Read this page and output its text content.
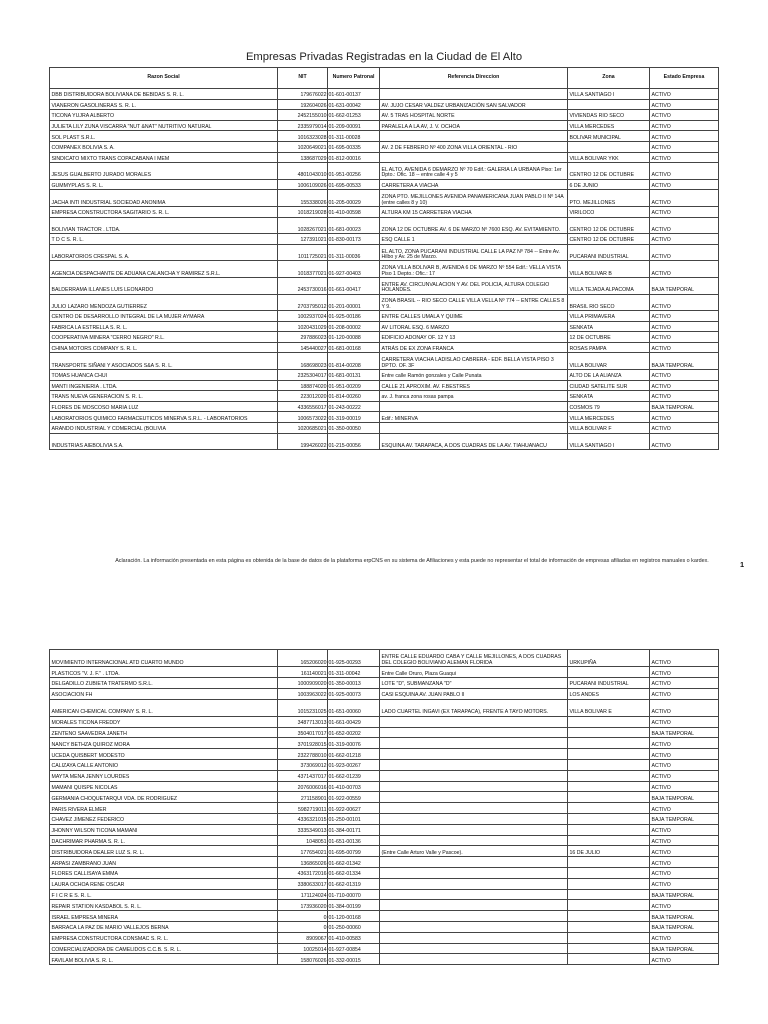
Empresas Privadas Registradas en la Ciudad de El Alto
Razon Social	NIT	Numero Patronal	Referencia Direccion	Zona	Estado Empresa
DBB DISTRIBUIDORA BOLIVIANA DE BEBIDAS S. R. L.	179676022	01-601-00137		VILLA SANTIAGO I	ACTIVO
VIANERON GASOLINERAS S. R. L.	192604026	01-631-00042	AV. JUJO CESAR VALDEZ URBANIZACIÓN SAN SALVADOR		ACTIVO
TICONA YUJRA ALBERTO	2452155010	01-662-01253	AV. 5 TRAS HOSPITAL NORTE	VIVIENDAS RIO SECO	ACTIVO
JULIETA LILY ZUNA VISCARRA "NUT &NAT" NUTRITIVO NATURAL	2335979014	01-209-00091	PARALELA A LA AV, J. V. OCHOA	VILLA MERCEDES	ACTIVO
SOL PLAST S.R.L.	1016323028	01-311-00028		BOLIVAR MUNICIPAL	ACTIVO
COMPANEX BOLIVIA S. A.	1020649021	01-695-00335	AV. 2 DE FEBRERO Nº 400 ZONA VILLA ORIENTAL - RIO		ACTIVO
SINDICATO MIXTO TRANS COPACABANA I MEM	138687029	01-812-00016		VILLA BOLIVAR YKK	ACTIVO
JESUS GUALBERTO JURADO MORALES	4801043010	01-951-00256	EL ALTO, AVENIDA 6 DEMARZO Nº 70 Edif.: GALERIA LA URBANA Piso: 1er Dpto.: Ofic. 18 -- entre calle 4 y 5	CENTRO 12 DE OCTUBRE	ACTIVO
GUMMYPLAS S. R. L.	1006109026	01-695-00533	CARRETERA A VIACHA	6 DE JUNIO	ACTIVO
JACHA INTI INDUSTRIAL SOCIEDAD ANONIMA	155338026	01-205-00029	ZONA PTO. MEJILLONES AVENIDA PANAMERICANA JUAN PABLO II Nº 14A (entre calles 8 y 10)	PTO. MEJILLONES	ACTIVO
EMPRESA CONSTRUCTORA SAGITARIO S. R. L.	1018219028	01-410-00598	ALTURA KM 15 CARRETERA VIACHA	VIRILOCO	ACTIVO
BOLIVIAN TRACTOR . LTDA.	1028267021	01-681-00023	ZONA 12 DE OCTUBRE AV. 6 DE MARZO Nº 7600 ESQ. AV. EVITAMIENTO.	CENTRO 12 DE OCTUBRE	ACTIVO
T D C S. R. L.	127391021	01-830-00173	ESQ CALLE 1	CENTRO 12 DE OCTUBRE	ACTIVO
LABORATORIOS CRESPAL S. A.	1011725021	01-311-00036	EL ALTO, ZONA PUCARANI INDUSTRIAL CALLE LA PAZ Nº 784 -- Entre Av. Hilbo y Av. 25 de Marzo.	PUCARANI INDUSTRIAL	ACTIVO
AGENCIA DESPACHANTE DE ADUANA CALANCHA Y RAMIREZ S.R.L.	1018377021	01-927-00403	ZONA VILLA BOLIVAR B, AVENIDA 6 DE MARZO Nº 554 Edif.: VELLA VISTA Piso 1 Depto.: Ofic.: 17	VILLA BOLIVAR B	ACTIVO
BALDERRAMA ILLANES LUIS LEONARDO	2453730016	01-661-00417	ENTRE AV. CIRCUNVALACION Y AV. DEL POLICIA, ALTURA COLEGIO HOLANDES.	VILLA TEJADA ALPACOMA	BAJA TEMPORAL
JULIO LAZARO MENDOZA GUTIERREZ	2703795012	01-201-00001	ZONA BRASIL -- RIO SECO CALLE VILLA VELLA Nº 774 -- ENTRE CALLES 8 Y 9.	BRASIL RIO SECO	ACTIVO
CENTRO DE DESARROLLO INTEGRAL DE LA MUJER AYMARA	1002937024	01-925-00186	ENTRE CALLES UMALA Y QUIME	VILLA PRIMAVERA	ACTIVO
FABRICA LA ESTRELLA S. R. L.	1020431029	01-208-00002	AV LITORAL ESQ. 6 MARZO	SENKATA	ACTIVO
COOPERATIVA MINERA "CERRO NEGRO" R.L.	297886023	01-120-00088	EDIFICIO ADONAY OF. 12 Y 13	12 DE OCTUBRE	ACTIVO
CHINA MOTORS COMPANY S. R. L.	145440027	01-681-00168	ATRÁS DE EX ZONA FRANCA	ROSAS PAMPA	ACTIVO
TRANSPORTE SIÑANI Y ASOCIADOS S&A S. R. L.	168698023	01-814-00208	CARRETERA VIACHA LADISLAO CABRERA - EDF. BELLA VISTA PISO 3 DPTO. OF. 3F	VILLA BOLIVAR	BAJA TEMPORAL
TOMAS HUANCA CHUI	2325304017	01-681-00131	Entre calle Ramón gonzales y Calle Punata	ALTO DE LA ALIANZA	ACTIVO
MANTI INGENIERIA . LTDA.	188874020	01-951-00209	CALLE 21 APROXIM. AV. F.BESTRES	CIUDAD SATELITE SUR	ACTIVO
TRANS NUEVA GENERACION S. R. L.	223012020	01-814-00260	av. J. franca zona rosas pampa	SENKATA	ACTIVO
FLORES DE MOSCOSO MARIA LUZ	4336556017	01-243-00222		COSMOS 79	BAJA TEMPORAL
LABORATORIOS QUIMICO FARMACEUTICOS MINERVA S.R.L. - LABORATORIOS	1006573022	01-319-00019	Edif.: MINERVA	VILLA MERCEDES	ACTIVO
ARANDO INDUSTRIAL Y COMERCIAL (BOLIVIA	1020685021	01-350-00050		VILLA BOLIVAR F	ACTIVO
INDUSTRIAS AIEBOLIVIA S.A.	199426022	01-215-00056	ESQUINA AV. TARAPACA, A DOS CUADRAS DE LA AV. TIAHUANACU	VILLA SANTIAGO I	ACTIVO
Aclaración. La información presentada en esta página es obtenida de la base de datos de la plataforma erpCNS en su sistema de Afiliaciones y esta puede no representar el total de información de empresas afiliadas en registros manuales o kardex.	1
MOVIMIENTO INTERNACIONAL ATD CUARTO MUNDO	165206020	01-925-00293	ENTRE CALLE EDUARDO CABA Y CALLE MEJILLONES, A DOS CUADRAS DEL COLEGIO BOLIVIANO ALEMAN FLORIDA	URKUPIÑA	ACTIVO
PLASTICOS "V. J. F." . LTDA.	161140021	01-311-00042	Entre Calle Oruro, Plaza Guaqui		ACTIVO
DELGADILLO ZUBIETA TRATERMO S.R.L.	1000909020	01-350-00013	LOTE "D", SUBMANZANA "D"	PUCARANI INDUSTRIAL	ACTIVO
ASOCIACION FH	1003963022	01-925-00073	CASI ESQUINA AV. JUAN PABLO II	LOS ANDES	ACTIVO
AMERICAN CHEMICAL COMPANY S. R. L.	1015231025	01-651-00060	LADO CUARTEL INGAVI (EX TARAPACA), FRENTE A TAYO MOTORS.	VILLA BOLIVAR E	ACTIVO
MORALES TICONA FREDDY	3487713013	01-661-00429			ACTIVO
ZENTENO SAAVEDRA JANETH	3504017017	01-652-00202			BAJA TEMPORAL
NANCY BETHZA QUIROZ MORA	3701928015	01-319-00076			ACTIVO
UCEDA QUISBERT MODESTO	2322788010	01-662-01218			ACTIVO
CALIZAYA CALLE ANTONIO	373069012	01-923-00267			ACTIVO
MAYTA MENA JENNY LOURDES	4371437017	01-662-01239			ACTIVO
MAMANI QUISPE NICOLAS	2076006016	01-410-00703			ACTIVO
GERMANIA CHOQUETARQUI VDA. DE RODRIGUEZ	271158901	01-922-00559			BAJA TEMPORAL
PARIS RIVERA ELMER	5982719011	01-922-00627			ACTIVO
CHAVEZ JIMENEZ FEDERICO	4336321015	01-250-00101			BAJA TEMPORAL
JHONNY WILSON TICONA MAMANI	3335349013	01-384-00171			ACTIVO
DACHRIMAR PHARMA S. R. L.	1048051	01-651-00136			ACTIVO
DISTRIBUIDORA DEALER LUZ S. R. L.	177654021	01-695-00799	(Entre Calle Arturo Valle y Pascoe).	16 DE JULIO	ACTIVO
ARPASI ZAMBRANO JUAN	136865026	01-662-01342			ACTIVO
FLORES CALLISAYA EMMA	4363172016	01-662-01334			ACTIVO
LAURA OCHOA RENE OSCAR	3380633017	01-662-01319			ACTIVO
F I C R E S. R. L.	171124024	01-710-00070			BAJA TEMPORAL
REPAIR STATION KASDABOL S. R. L.	173936020	01-384-00199			ACTIVO
ISRAEL EMPRESA MINERA	0	01-120-00168			BAJA TEMPORAL
BARRACA LA PAZ DE MARIO VALLEJOS BERNA	0	01-250-00060			BAJA TEMPORAL
EMPRESA CONSTRUCTORA CONSMAC S. R. L.	8909067	01-410-00583			ACTIVO
COMERCIALIZADORA DE CAMELIDOS C.C.B. S. R. L.	10025014	01-927-00854			BAJA TEMPORAL
FAVILAM BOLIVIA S. R. L.	158076026	01-332-00015			ACTIVO
